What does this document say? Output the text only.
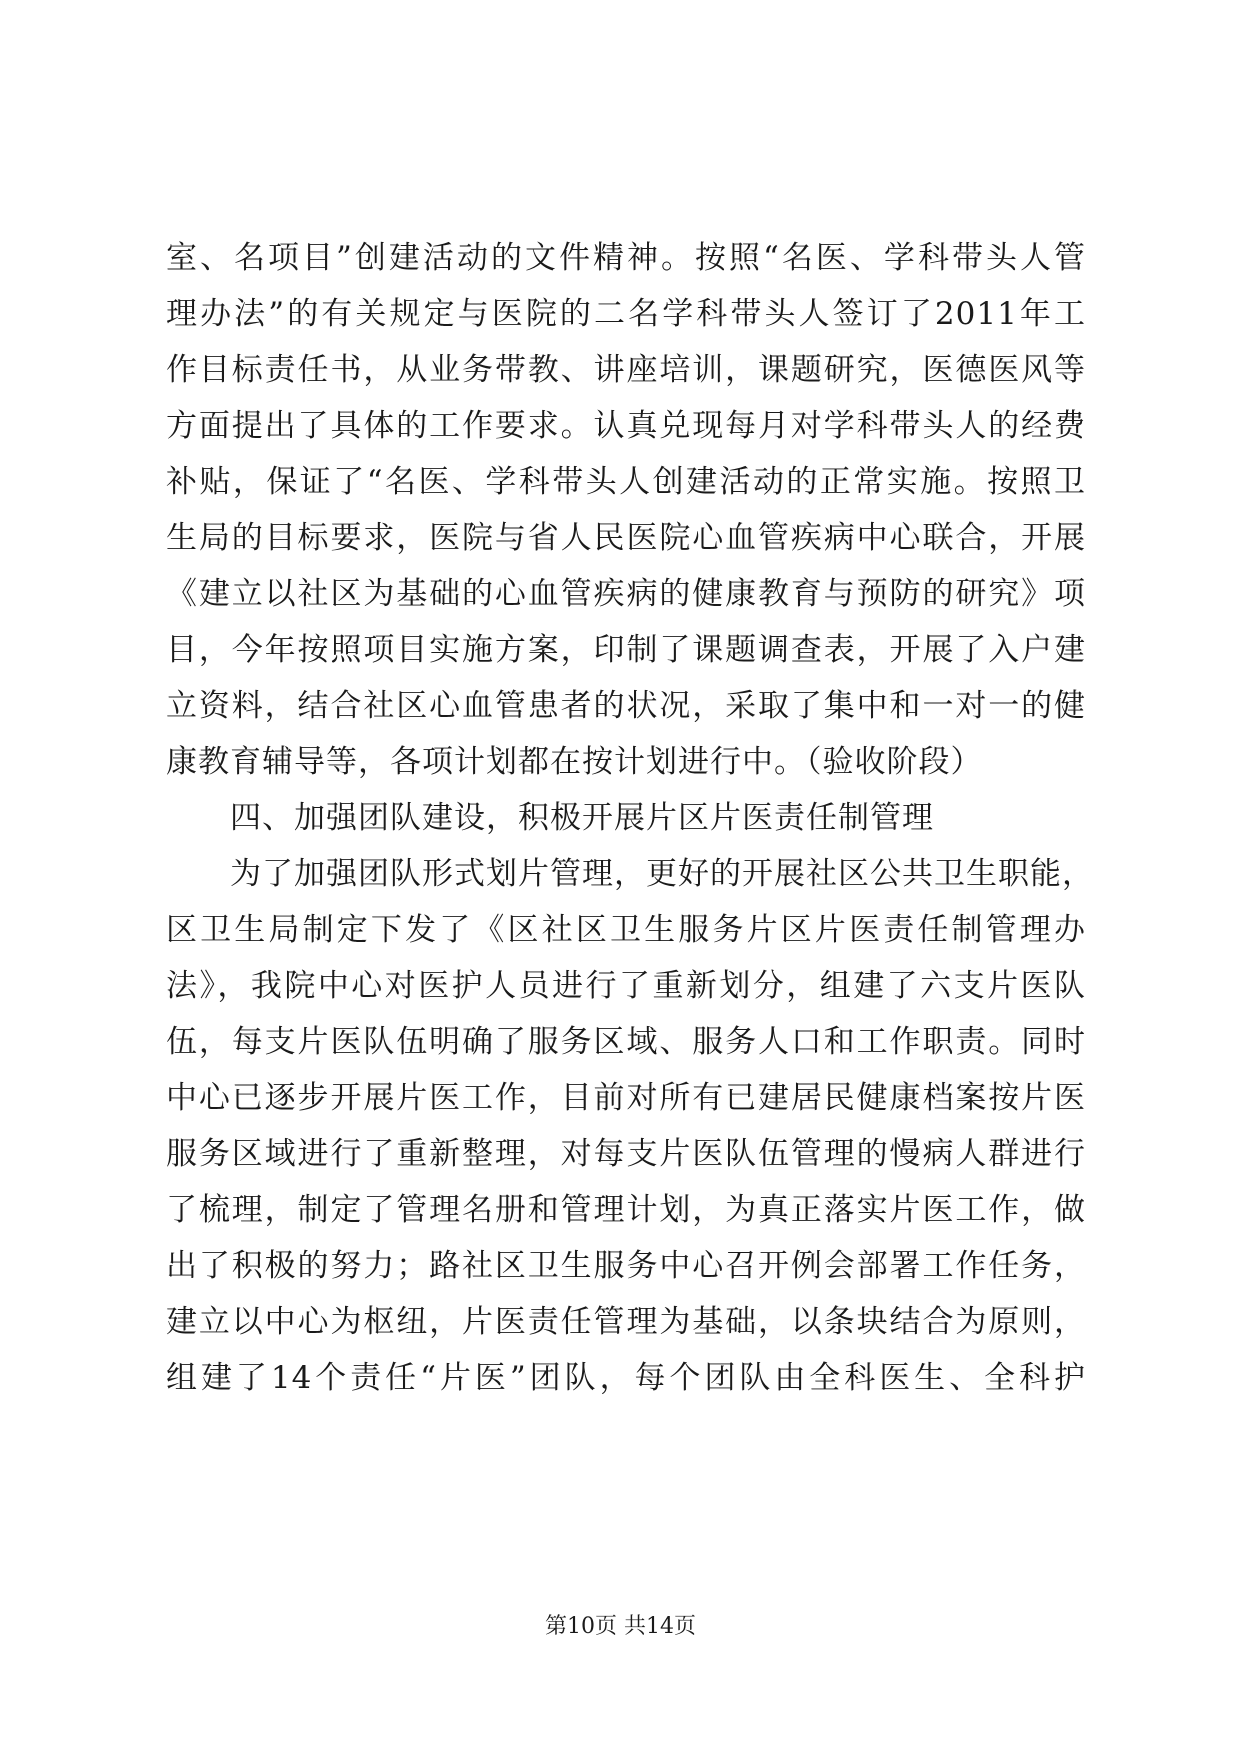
室、名项目”创建活动的文件精神。按照“名医、学科带头人管
理办法”的有关规定与医院的二名学科带头人签订了2011年工
作目标责任书，从业务带教、讲座培训，课题研究，医德医风等
方面提出了具体的工作要求。认真兑现每月对学科带头人的经费
补贴，保证了“名医、学科带头人创建活动的正常实施。按照卫
生局的目标要求，医院与省人民医院心血管疾病中心联合，开展
《建立以社区为基础的心血管疾病的健康教育与预防的研究》项
目，今年按照项目实施方案，印制了课题调查表，开展了入户建
立资料，结合社区心血管患者的状况，采取了集中和一对一的健
康教育辅导等，各项计划都在按计划进行中。（验收阶段）
　　四、加强团队建设，积极开展片区片医责任制管理
　　为了加强团队形式划片管理，更好的开展社区公共卫生职能，
区卫生局制定下发了《区社区卫生服务片区片医责任制管理办
法》，我院中心对医护人员进行了重新划分，组建了六支片医队
伍，每支片医队伍明确了服务区域、服务人口和工作职责。同时
中心已逐步开展片医工作，目前对所有已建居民健康档案按片医
服务区域进行了重新整理，对每支片医队伍管理的慢病人群进行
了梳理，制定了管理名册和管理计划，为真正落实片医工作，做
出了积极的努力；路社区卫生服务中心召开例会部署工作任务，
建立以中心为枢纽，片医责任管理为基础，以条块结合为原则，
组建了14个责任“片医”团队，每个团队由全科医生、全科护
第10页 共14页
